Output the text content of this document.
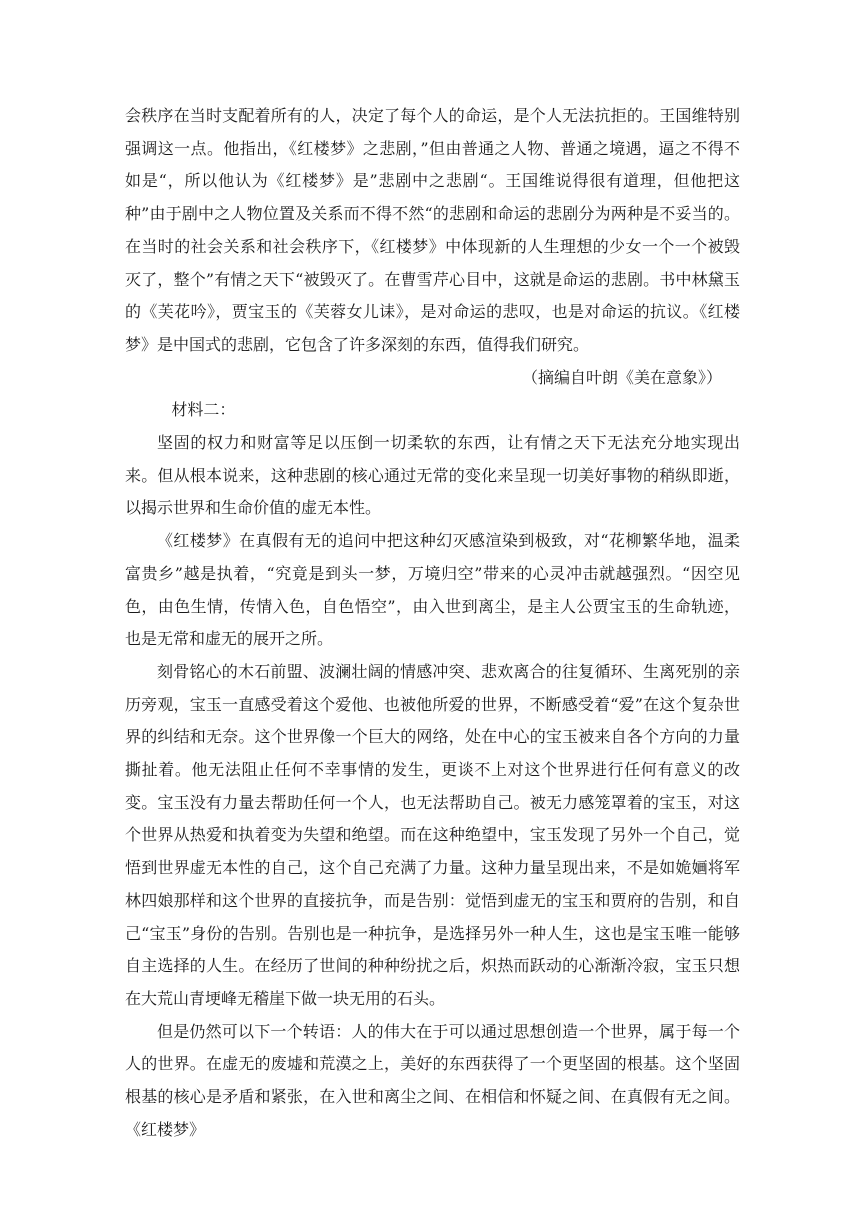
会秩序在当时支配着所有的人，决定了每个人的命运，是个人无法抗拒的。王国维特别强调这一点。他指出，《红楼梦》之悲剧，”但由普通之人物、普通之境遇，逼之不得不如是“，所以他认为《红楼梦》是”悲剧中之悲剧“。王国维说得很有道理，但他把这种”由于剧中之人物位置及关系而不得不然“的悲剧和命运的悲剧分为两种是不妥当的。在当时的社会关系和社会秩序下，《红楼梦》中体现新的人生理想的少女一个一个被毁灭了，整个”有情之天下“被毁灭了。在曹雪芹心目中，这就是命运的悲剧。书中林黛玉的《芙花吟》，贾宝玉的《芙蓉女儿诔》，是对命运的悲叹，也是对命运的抗议。《红楼梦》是中国式的悲剧，它包含了许多深刻的东西，值得我们研究。

（摘编自叶朗《美在意象》）

材料二：

坚固的权力和财富等足以压倒一切柔软的东西，让有情之天下无法充分地实现出来。但从根本说来，这种悲剧的核心通过无常的变化来呈现一切美好事物的稍纵即逝，以揭示世界和生命价值的虚无本性。

《红楼梦》在真假有无的追问中把这种幻灭感渲染到极致，对“花柳繁华地，温柔富贵乡”越是执着，“究竟是到头一梦，万境归空”带来的心灵冲击就越强烈。“因空见色，由色生情，传情入色，自色悟空”，由入世到离尘，是主人公贾宝玉的生命轨迹，也是无常和虚无的展开之所。

刻骨铭心的木石前盟、波澜壮阔的情感冲突、悲欢离合的往复循环、生离死别的亲历旁观，宝玉一直感受着这个爱他、也被他所爱的世界，不断感受着“爱”在这个复杂世界的纠结和无奈。这个世界像一个巨大的网络，处在中心的宝玉被来自各个方向的力量撕扯着。他无法阻止任何不幸事情的发生，更谈不上对这个世界进行任何有意义的改变。宝玉没有力量去帮助任何一个人，也无法帮助自己。被无力感笼罩着的宝玉，对这个世界从热爱和执着变为失望和绝望。而在这种绝望中，宝玉发现了另外一个自己，觉悟到世界虚无本性的自己，这个自己充满了力量。这种力量呈现出来，不是如姽婳将军林四娘那样和这个世界的直接抗争，而是告别：觉悟到虚无的宝玉和贾府的告别，和自己“宝玉”身份的告别。告别也是一种抗争，是选择另外一种人生，这也是宝玉唯一能够自主选择的人生。在经历了世间的种种纷扰之后，炽热而跃动的心渐渐冷寂，宝玉只想在大荒山青埂峰无稽崖下做一块无用的石头。

但是仍然可以下一个转语：人的伟大在于可以通过思想创造一个世界，属于每一个人的世界。在虚无的废墟和荒漠之上，美好的东西获得了一个更坚固的根基。这个坚固根基的核心是矛盾和紧张，在入世和离尘之间、在相信和怀疑之间、在真假有无之间。《红楼梦》
